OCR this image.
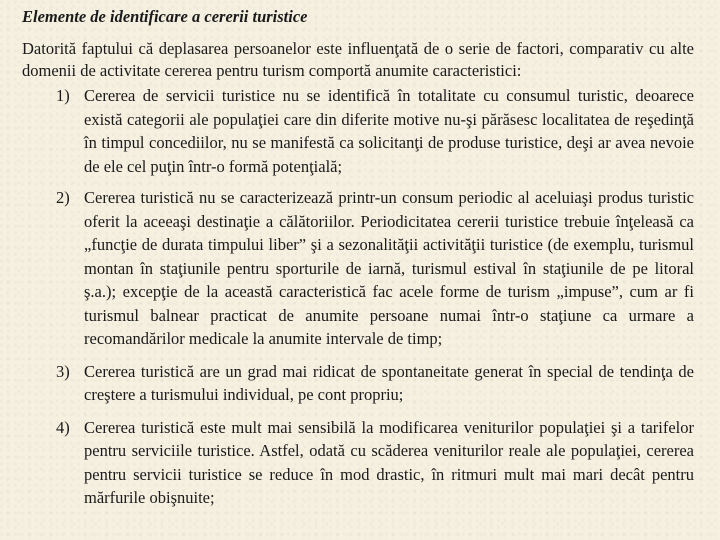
Elemente de identificare a cererii turistice

Datorită faptului că deplasarea persoanelor este influenţată de o serie de factori, comparativ cu alte domenii de activitate cererea pentru turism comportă anumite caracteristici:

1) Cererea de servicii turistice nu se identifică în totalitate cu consumul turistic, deoarece există categorii ale populaţiei care din diferite motive nu-şi părăsesc localitatea de reşedinţă în timpul concediilor, nu se manifestă ca solicitanţi de produse turistice, deşi ar avea nevoie de ele cel puţin într-o formă potenţială;
2) Cererea turistică nu se caracterizează printr-un consum periodic al aceluiaşi produs turistic oferit la aceeaşi destinaţie a călătoriilor. Periodicitatea cererii turistice trebuie înţeleasă ca „funcţie de durata timpului liber” şi a sezonalităţii activităţii turistice (de exemplu, turismul montan în staţiunile pentru sporturile de iarnă, turismul estival în staţiunile de pe litoral ş.a.); excepţie de la această caracteristică fac acele forme de turism „impuse”, cum ar fi turismul balnear practicat de anumite persoane numai într-o staţiune ca urmare a recomandărilor medicale la anumite intervale de timp;
3) Cererea turistică are un grad mai ridicat de spontaneitate generat în special de tendinţa de creştere a turismului individual, pe cont propriu;
4) Cererea turistică este mult mai sensibilă la modificarea veniturilor populaţiei şi a tarifelor pentru serviciile turistice. Astfel, odată cu scăderea veniturilor reale ale populaţiei, cererea pentru servicii turistice se reduce în mod drastic, în ritmuri mult mai mari decât pentru mărfurile obişnuite;
